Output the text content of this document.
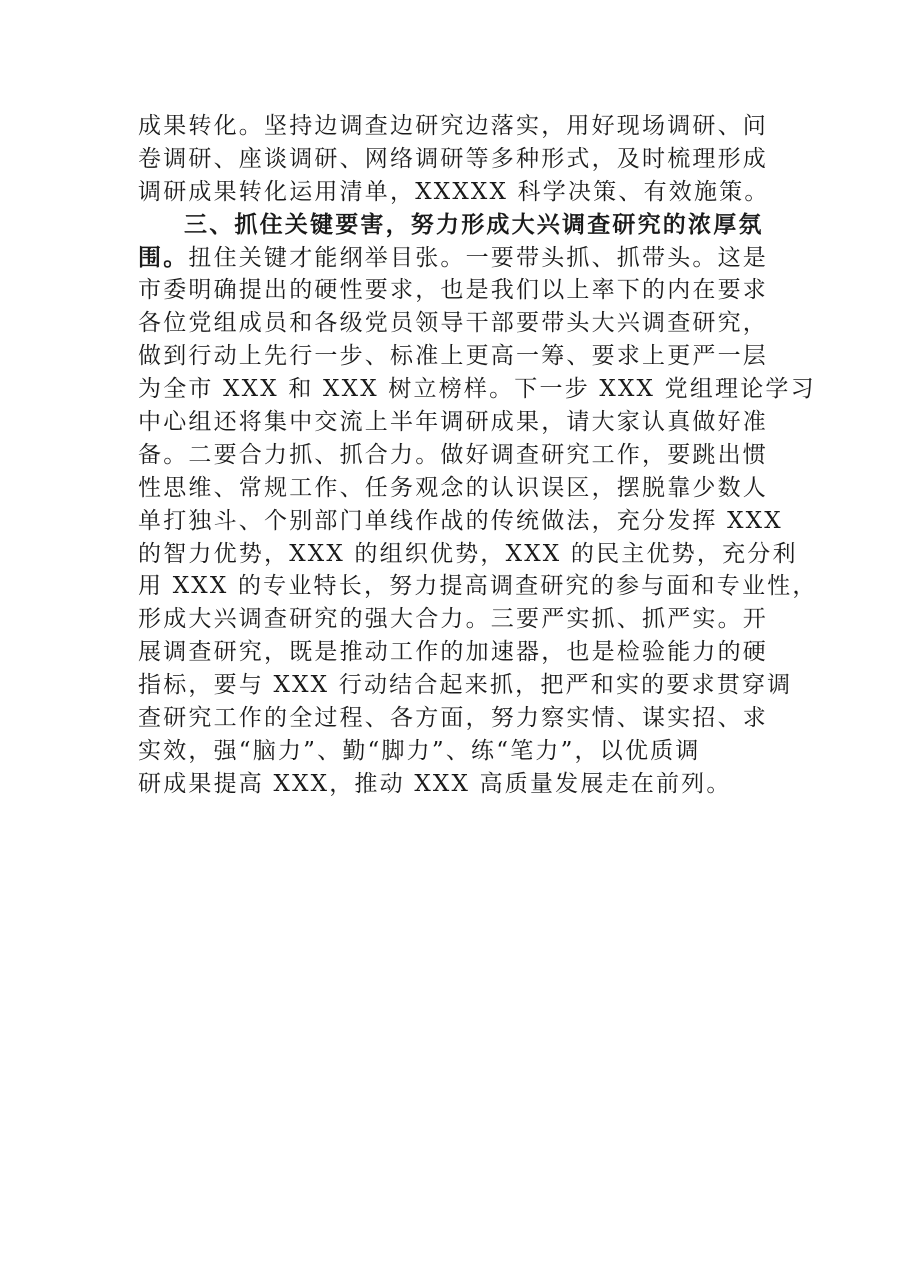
成果转化。坚持边调查边研究边落实，用好现场调研、问
卷调研、座谈调研、网络调研等多种形式，及时梳理形成
调研成果转化运用清单，XXXXX 科学决策、有效施策。
三、抓住关键要害，努力形成大兴调查研究的浓厚氛
围。扭住关键才能纲举目张。一要带头抓、抓带头。这是
市委明确提出的硬性要求，也是我们以上率下的内在要求
各位党组成员和各级党员领导干部要带头大兴调查研究，
做到行动上先行一步、标准上更高一筹、要求上更严一层
为全市 XXX 和 XXX 树立榜样。下一步 XXX 党组理论学习
中心组还将集中交流上半年调研成果，请大家认真做好准
备。二要合力抓、抓合力。做好调查研究工作，要跳出惯
性思维、常规工作、任务观念的认识误区，摆脱靠少数人
单打独斗、个别部门单线作战的传统做法，充分发挥 XXX
的智力优势，XXX 的组织优势，XXX 的民主优势，充分利
用 XXX 的专业特长，努力提高调查研究的参与面和专业性，
形成大兴调查研究的强大合力。三要严实抓、抓严实。开
展调查研究，既是推动工作的加速器，也是检验能力的硬
指标，要与 XXX 行动结合起来抓，把严和实的要求贯穿调
查研究工作的全过程、各方面，努力察实情、谋实招、求
实效，强“脑力”、勤“脚力”、练“笔力”，以优质调
研成果提高 XXX，推动 XXX 高质量发展走在前列。
